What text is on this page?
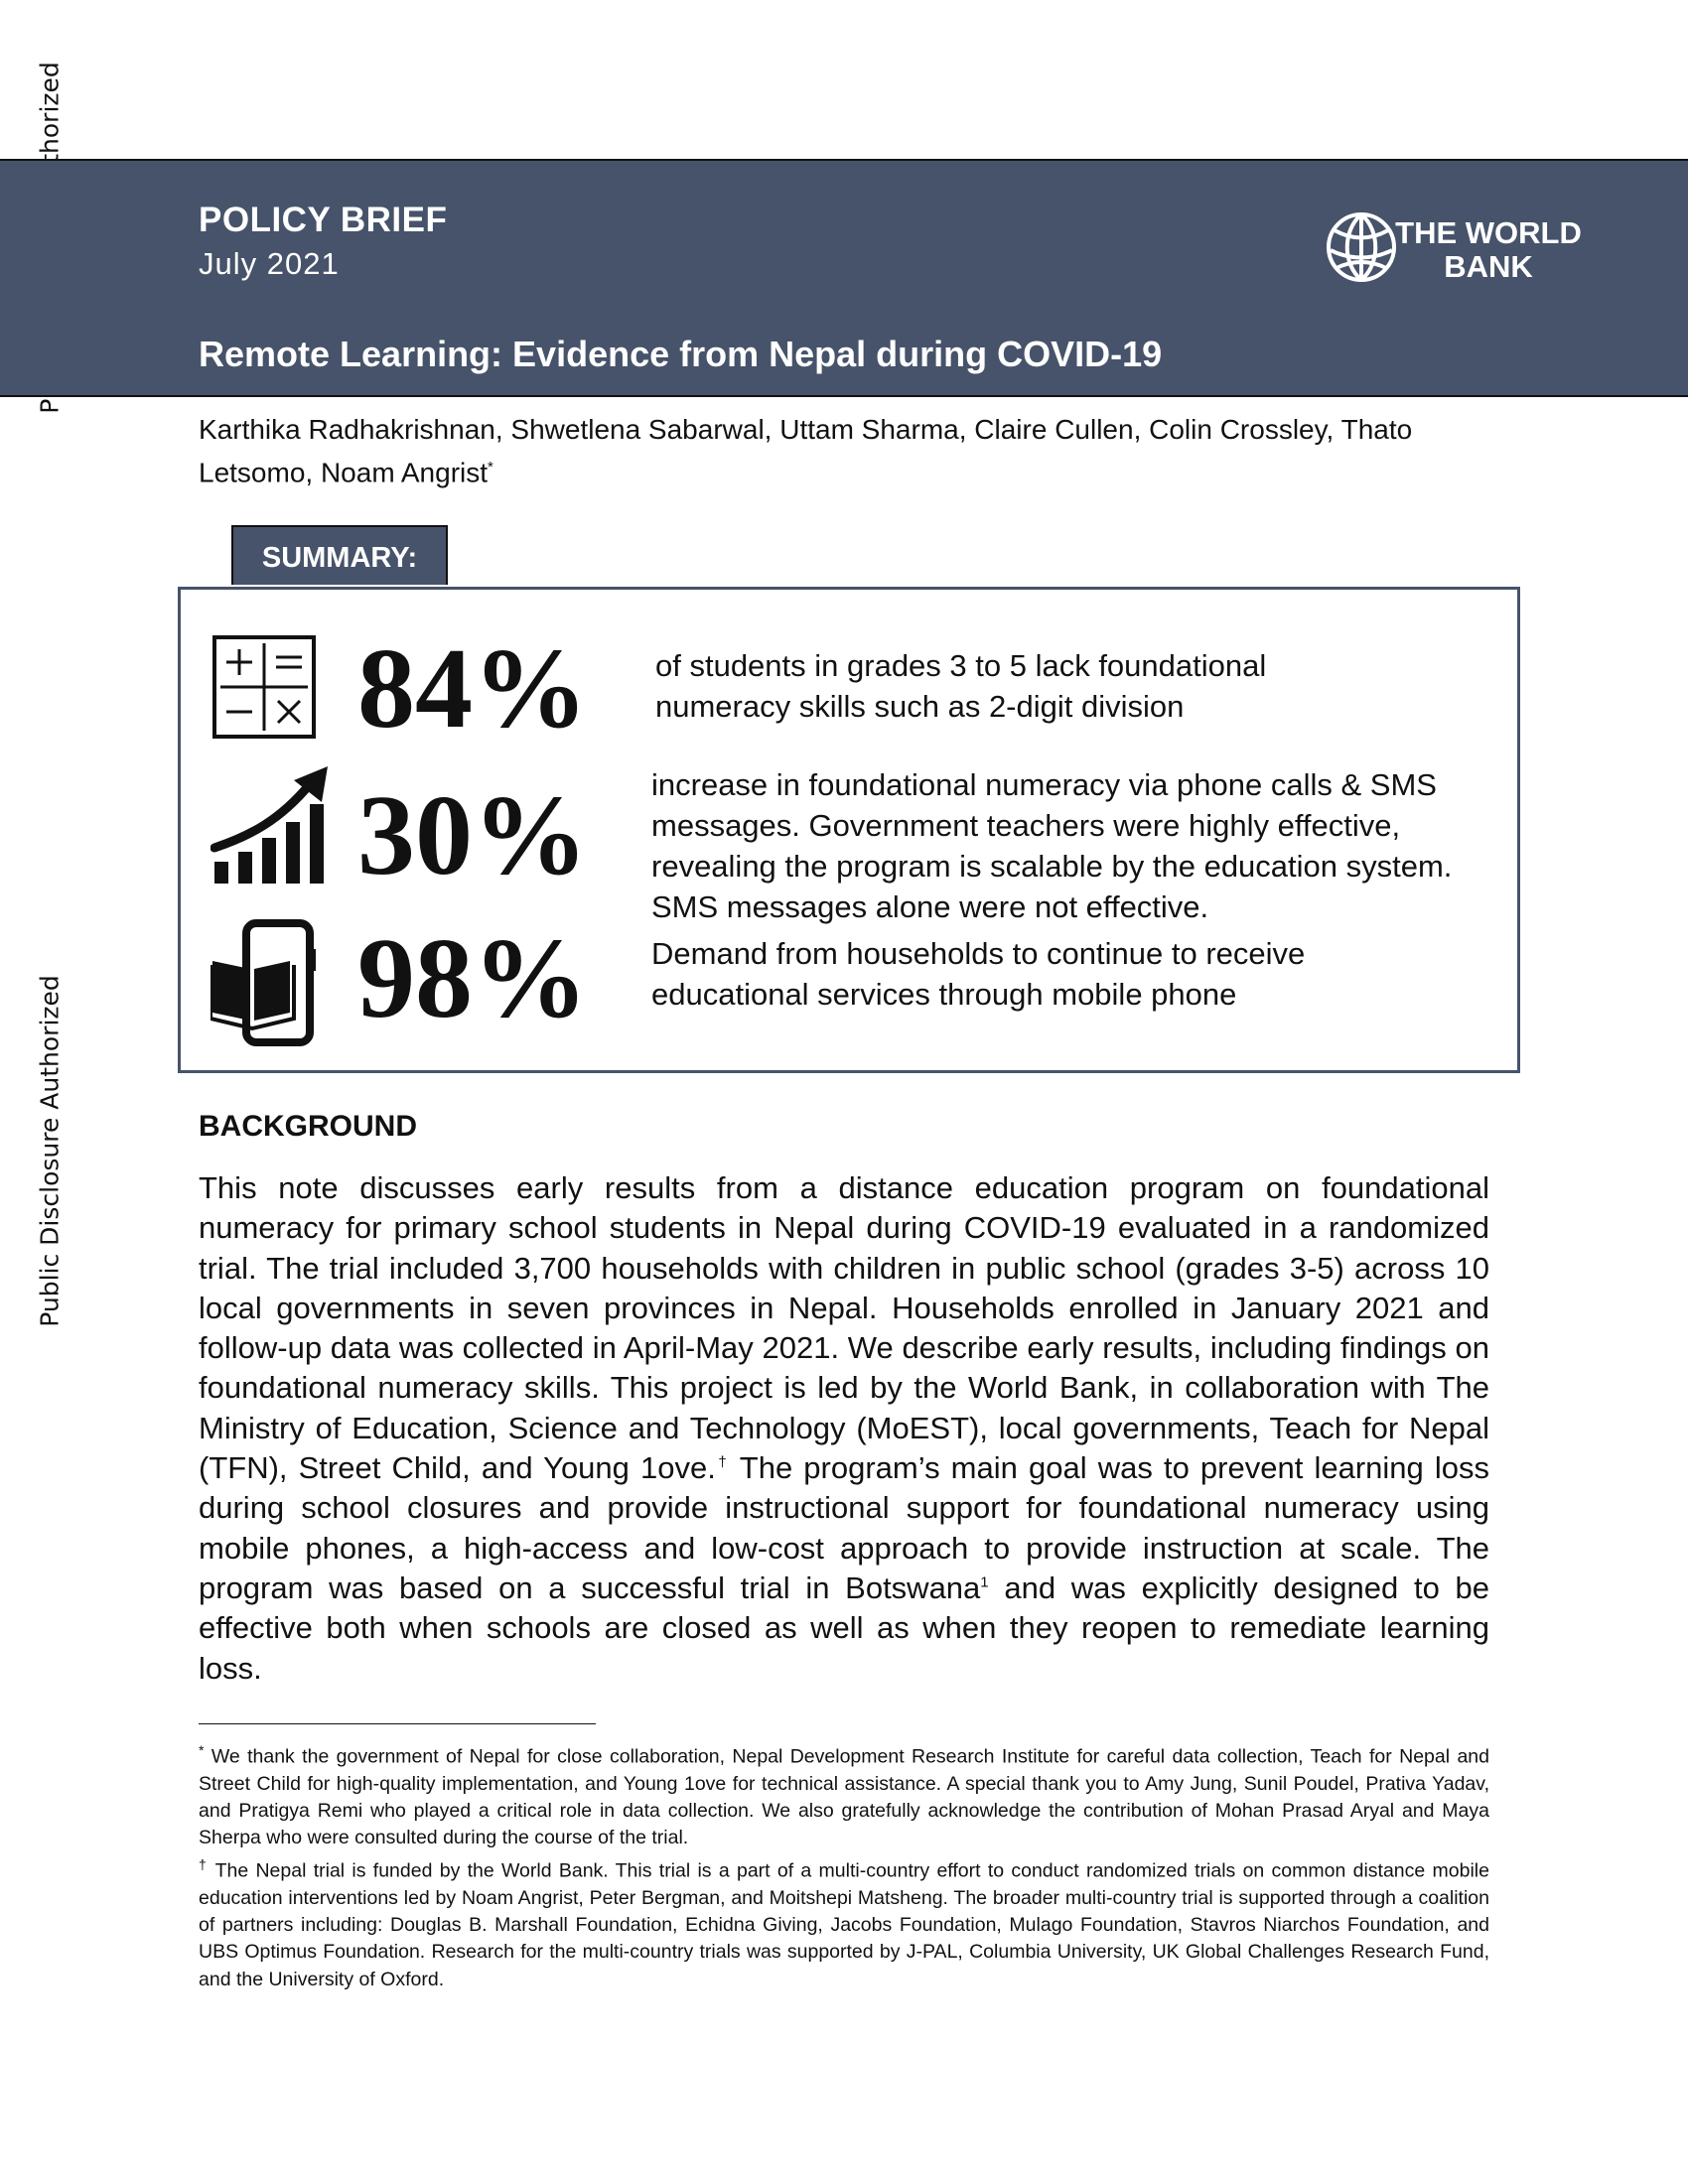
Public Disclosure Authorized
POLICY BRIEF
July 2021
Remote Learning: Evidence from Nepal during COVID-19
THE WORLD
BANK
Karthika Radhakrishnan, Shwetlena Sabarwal, Uttam Sharma, Claire Cullen, Colin Crossley, Thato Letsomo, Noam Angrist*
SUMMARY:
84% of students in grades 3 to 5 lack foundational numeracy skills such as 2-digit division
30% increase in foundational numeracy via phone calls & SMS messages. Government teachers were highly effective, revealing the program is scalable by the education system. SMS messages alone were not effective.
98% Demand from households to continue to receive educational services through mobile phone
BACKGROUND
This note discusses early results from a distance education program on foundational numeracy for primary school students in Nepal during COVID-19 evaluated in a randomized trial. The trial included 3,700 households with children in public school (grades 3-5) across 10 local governments in seven provinces in Nepal. Households enrolled in January 2021 and follow-up data was collected in April-May 2021. We describe early results, including findings on foundational numeracy skills. This project is led by the World Bank, in collaboration with The Ministry of Education, Science and Technology (MoEST), local governments, Teach for Nepal (TFN), Street Child, and Young 1ove.† The program’s main goal was to prevent learning loss during school closures and provide instructional support for foundational numeracy using mobile phones, a high-access and low-cost approach to provide instruction at scale. The program was based on a successful trial in Botswana$^1$ and was explicitly designed to be effective both when schools are closed as well as when they reopen to remediate learning loss.

* We thank the government of Nepal for close collaboration, Nepal Development Research Institute for careful data collection, Teach for Nepal and Street Child for high-quality implementation, and Young 1ove for technical assistance. A special thank you to Amy Jung, Sunil Poudel, Prativa Yadav, and Pratigya Remi who played a critical role in data collection. We also gratefully acknowledge the contribution of Mohan Prasad Aryal and Maya Sherpa who were consulted during the course of the trial.

† The Nepal trial is funded by the World Bank. This trial is a part of a multi-country effort to conduct randomized trials on common distance mobile education interventions led by Noam Angrist, Peter Bergman, and Moitshepi Matsheng. The broader multi-country trial is supported through a coalition of partners including: Douglas B. Marshall Foundation, Echidna Giving, Jacobs Foundation, Mulago Foundation, Stavros Niarchos Foundation, and UBS Optimus Foundation. Research for the multi-country trials was supported by J-PAL, Columbia University, UK Global Challenges Research Fund, and the University of Oxford.
